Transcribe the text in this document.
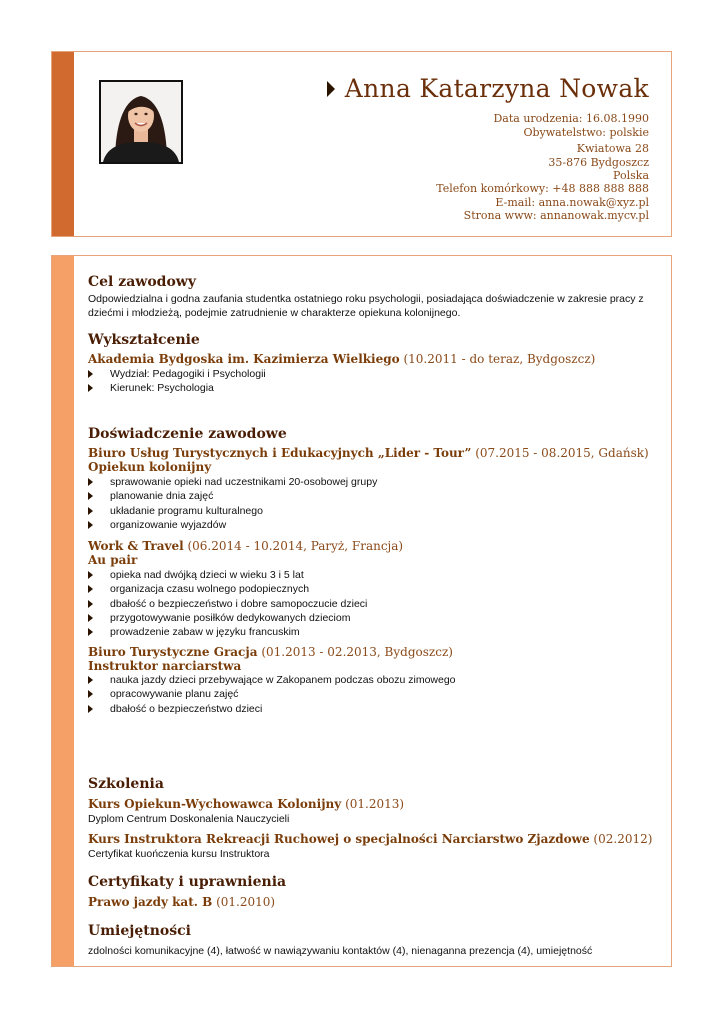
Anna Katarzyna Nowak
Data urodzenia: 16.08.1990
Obywatelstwo: polskie
Kwiatowa 28
35-876 Bydgoszcz
Polska
Telefon komórkowy: +48 888 888 888
E-mail: anna.nowak@xyz.pl
Strona www: annanowak.mycv.pl
Cel zawodowy
Odpowiedzialna i godna zaufania studentka ostatniego roku psychologii, posiadająca doświadczenie w zakresie pracy z
dziećmi i młodzieżą, podejmie zatrudnienie w charakterze opiekuna kolonijnego.
Wykształcenie
Akademia Bydgoska im. Kazimierza Wielkiego (10.2011 - do teraz, Bydgoszcz)
Wydział: Pedagogiki i Psychologii
Kierunek: Psychologia
Doświadczenie zawodowe
Biuro Usług Turystycznych i Edukacyjnych „Lider - Tour” (07.2015 - 08.2015, Gdańsk)
Opiekun kolonijny
sprawowanie opieki nad uczestnikami 20-osobowej grupy
planowanie dnia zajęć
układanie programu kulturalnego
organizowanie wyjazdów
Work & Travel (06.2014 - 10.2014, Paryż, Francja)
Au pair
opieka nad dwójką dzieci w wieku 3 i 5 lat
organizacja czasu wolnego podopiecznych
dbałość o bezpieczeństwo i dobre samopoczucie dzieci
przygotowywanie posiłków dedykowanych dzieciom
prowadzenie zabaw w języku francuskim
Biuro Turystyczne Gracja (01.2013 - 02.2013, Bydgoszcz)
Instruktor narciarstwa
nauka jazdy dzieci przebywające w Zakopanem podczas obozu zimowego
opracowywanie planu zajęć
dbałość o bezpieczeństwo dzieci
Szkolenia
Kurs Opiekun-Wychowawca Kolonijny (01.2013)
Dyplom Centrum Doskonalenia Nauczycieli
Kurs Instruktora Rekreacji Ruchowej o specjalności Narciarstwo Zjazdowe (02.2012)
Certyfikat kuończenia kursu Instruktora
Certyfikaty i uprawnienia
Prawo jazdy kat. B (01.2010)
Umiejętności
zdolności komunikacyjne (4), łatwość w nawiązywaniu kontaktów (4), nienaganna prezencja (4), umiejętność
